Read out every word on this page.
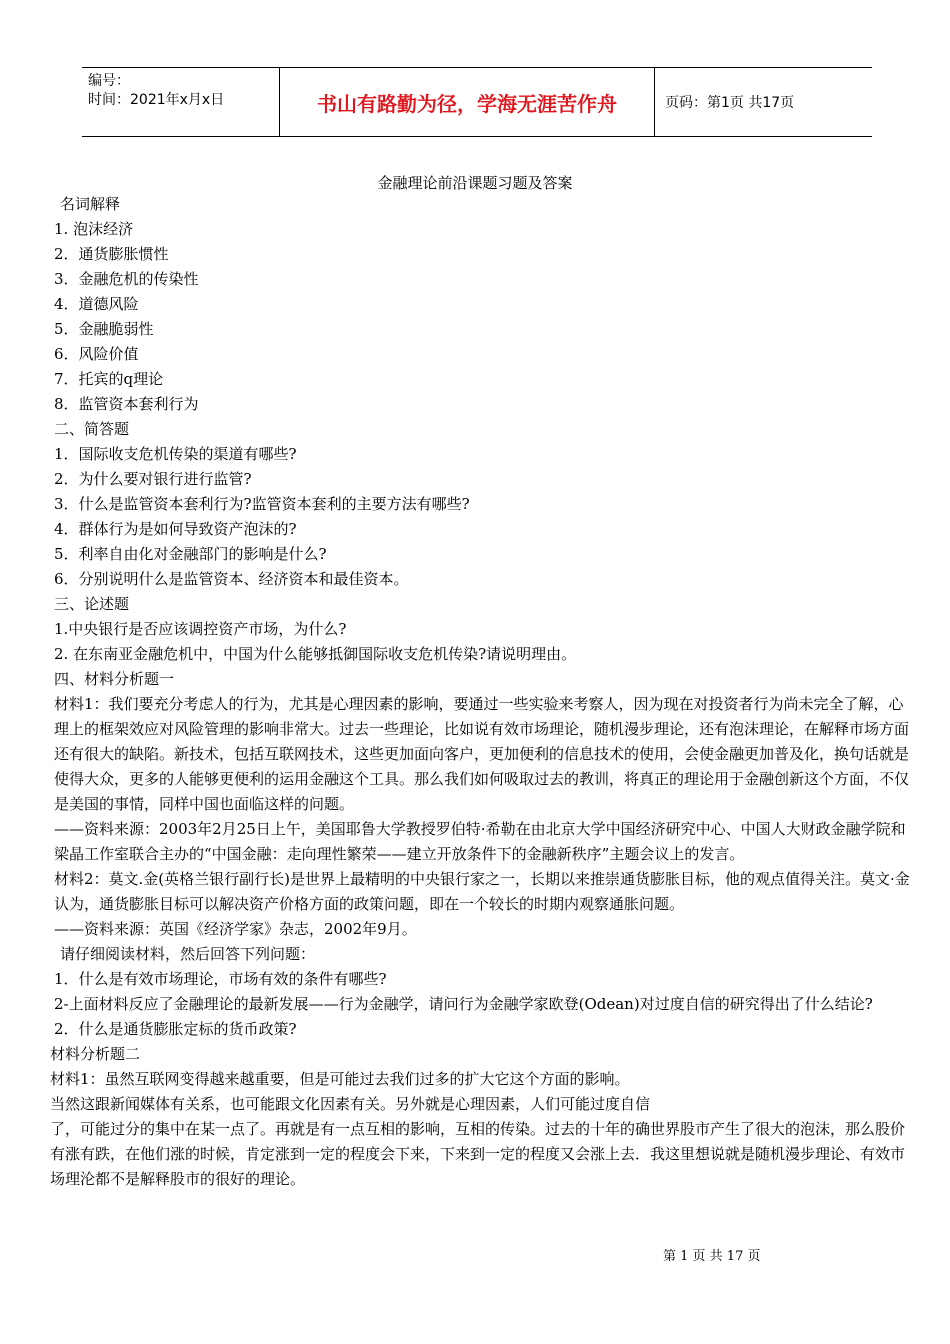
编号：
时间：2021年x月x日	书山有路勤为径，学海无涯苦作舟	页码：第1页 共17页
金融理论前沿课题习题及答案
名词解释
1. 泡沫经济
2．通货膨胀惯性
3．金融危机的传染性
4．道德风险
5．金融脆弱性
6．风险价值
7．托宾的q理论
8．监管资本套利行为
二、简答题
1．国际收支危机传染的渠道有哪些?
2．为什么要对银行进行监管?
3．什么是监管资本套利行为?监管资本套利的主要方法有哪些?
4．群体行为是如何导致资产泡沫的?
5．利率自由化对金融部门的影响是什么?
6．分别说明什么是监管资本、经济资本和最佳资本。
三、论述题
1.中央银行是否应该调控资产市场，为什么?
2. 在东南亚金融危机中，中国为什么能够抵御国际收支危机传染?请说明理由。
四、材料分析题一
材料1：我们要充分考虑人的行为，尤其是心理因素的影响，要通过一些实验来考察人，因为现在对投资者行为尚未完全了解，心理上的框架效应对风险管理的影响非常大。过去一些理论，比如说有效市场理论，随机漫步理论，还有泡沫理论，在解释市场方面还有很大的缺陷。新技术，包括互联网技术，这些更加面向客户，更加便利的信息技术的使用，会使金融更加普及化，换句话就是使得大众，更多的人能够更便利的运用金融这个工具。那么我们如何吸取过去的教训，将真正的理论用于金融创新这个方面，不仅是美国的事情，同样中国也面临这样的问题。
——资料来源：2003年2月25日上午，美国耶鲁大学教授罗伯特·希勒在由北京大学中国经济研究中心、中国人大财政金融学院和梁晶工作室联合主办的“中国金融：走向理性繁荣——建立开放条件下的金融新秩序”主题会议上的发言。
材料2：莫文.金(英格兰银行副行长)是世界上最精明的中央银行家之一，长期以来推崇通货膨胀目标，他的观点值得关注。莫文·金认为，通货膨胀目标可以解决资产价格方面的政策问题，即在一个较长的时期内观察通胀问题。
——资料来源：英国《经济学家》杂志，2002年9月。
请仔细阅读材料，然后回答下列问题：
1．什么是有效市场理论，市场有效的条件有哪些?
2-上面材料反应了金融理论的最新发展——行为金融学，请问行为金融学家欧登(Odean)对过度自信的研究得出了什么结论?
2．什么是通货膨胀定标的货币政策?
材料分析题二
材料1：虽然互联网变得越来越重要，但是可能过去我们过多的扩大它这个方面的影响。
当然这跟新闻媒体有关系，也可能跟文化因素有关。另外就是心理因素，人们可能过度自信
了，可能过分的集中在某一点了。再就是有一点互相的影响，互相的传染。过去的十年的确世界股市产生了很大的泡沫，那么股价有涨有跌，在他们涨的时候，肯定涨到一定的程度会下来，下来到一定的程度又会涨上去．我这里想说就是随机漫步理论、有效市场理沦都不是解释股市的很好的理论。
第 1 页 共 17 页
